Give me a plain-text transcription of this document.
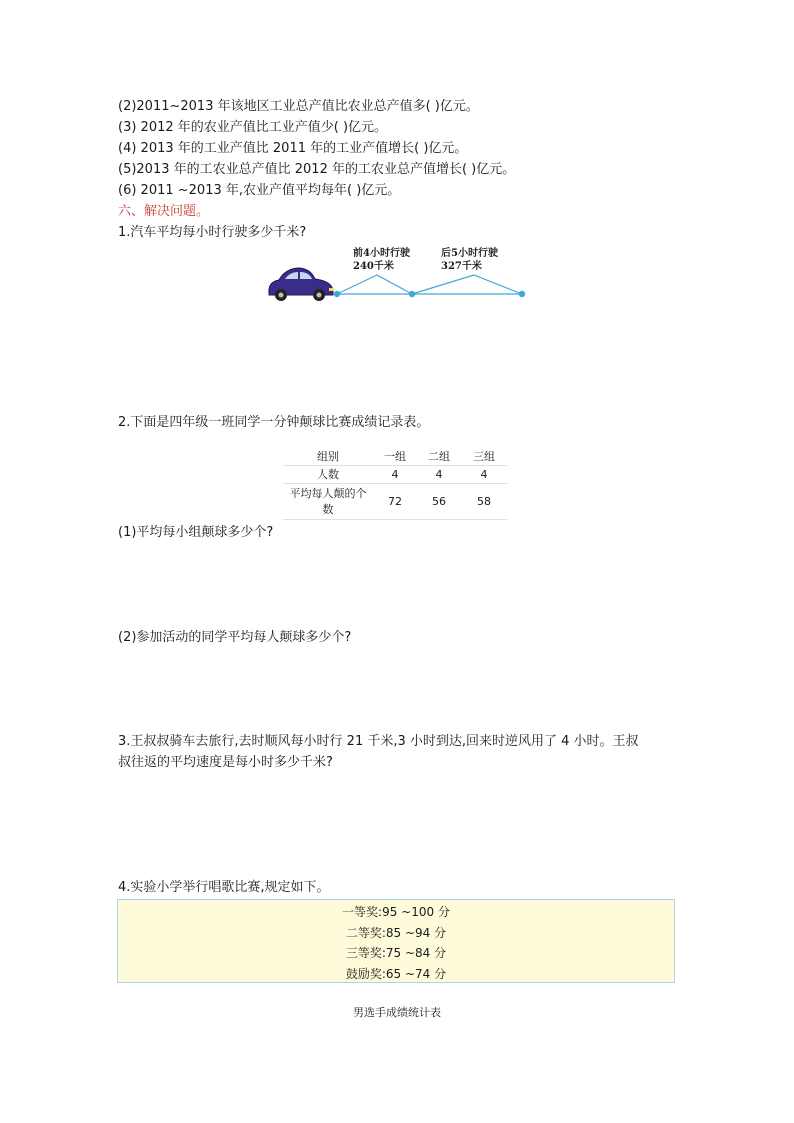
(2)2011~2013 年该地区工业总产值比农业总产值多( )亿元。
(3) 2012 年的农业产值比工业产值少( )亿元。
(4) 2013 年的工业产值比 2011 年的工业产值增长( )亿元。
(5)2013 年的工农业总产值比 2012 年的工农业总产值增长( )亿元。
(6) 2011 ~2013 年,农业产值平均每年( )亿元。
六、解决问题。
1.汽车平均每小时行驶多少千米?
前4小时行驶
240千米
后5小时行驶
327千米
2.下面是四年级一班同学一分钟颠球比赛成绩记录表。
组别	一组	二组	三组
人数	4	4	4

平均每人颠的个
数	72	56	58
(1)平均每小组颠球多少个?
(2)参加活动的同学平均每人颠球多少个?
3.王叔叔骑车去旅行,去时顺风每小时行 21 千米,3 小时到达,回来时逆风用了 4 小时。王叔
叔往返的平均速度是每小时多少千米?
4.实验小学举行唱歌比赛,规定如下。
一等奖:95 ~100 分
二等奖:85 ~94 分
三等奖:75 ~84 分
鼓励奖:65 ~74 分
男选手成绩统计表
